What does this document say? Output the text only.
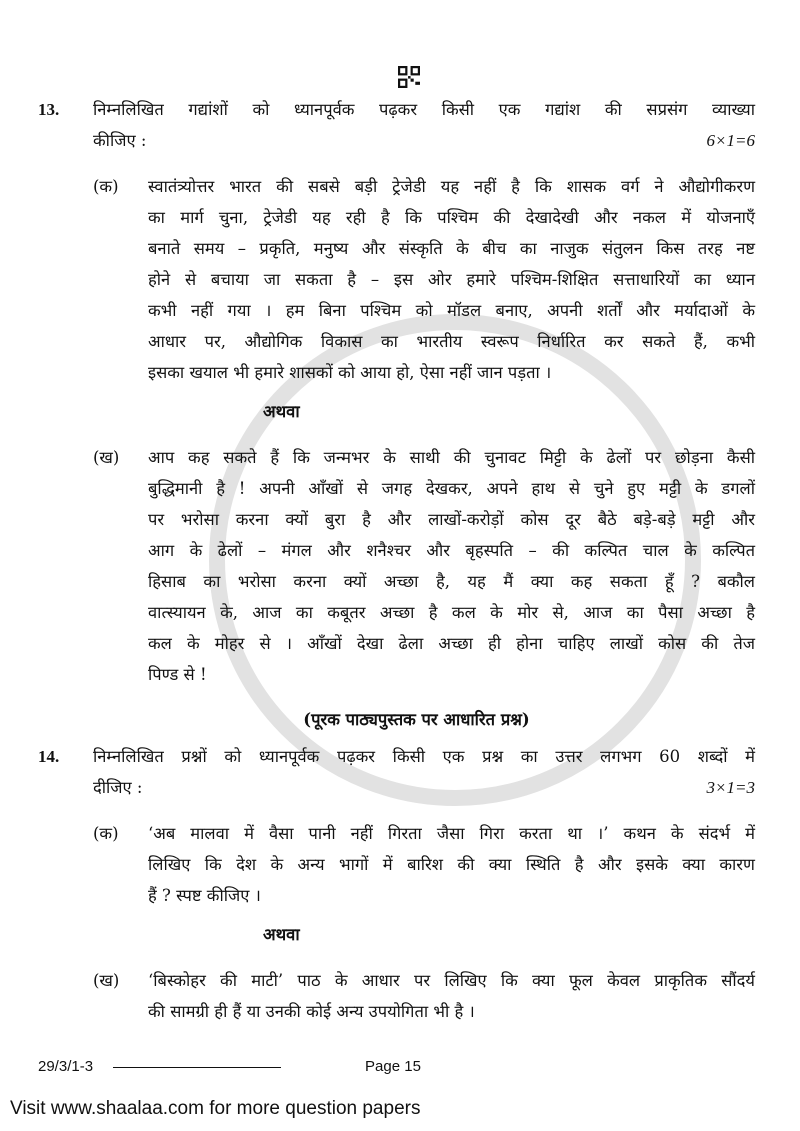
13.	निम्नलिखित गद्यांशों को ध्यानपूर्वक पढ़कर किसी एक गद्यांश की सप्रसंग व्याख्या
कीजिए :	6×1=6
(क)	स्वातंत्र्योत्तर भारत की सबसे बड़ी ट्रेजेडी यह नहीं है कि शासक वर्ग ने औद्योगीकरण
का मार्ग चुना, ट्रेजेडी यह रही है कि पश्चिम की देखादेखी और नकल में योजनाएँ
बनाते समय – प्रकृति, मनुष्य और संस्कृति के बीच का नाजुक संतुलन किस तरह नष्ट
होने से बचाया जा सकता है – इस ओर हमारे पश्चिम-शिक्षित सत्ताधारियों का ध्यान
कभी नहीं गया । हम बिना पश्चिम को मॉडल बनाए, अपनी शर्तों और मर्यादाओं के
आधार पर, औद्योगिक विकास का भारतीय स्वरूप निर्धारित कर सकते हैं, कभी
इसका खयाल भी हमारे शासकों को आया हो, ऐसा नहीं जान पड़ता ।
अथवा
(ख)	आप कह सकते हैं कि जन्मभर के साथी की चुनावट मिट्टी के ढेलों पर छोड़ना कैसी
बुद्धिमानी है ! अपनी आँखों से जगह देखकर, अपने हाथ से चुने हुए मट्टी के डगलों
पर भरोसा करना क्यों बुरा है और लाखों-करोड़ों कोस दूर बैठे बड़े-बड़े मट्टी और
आग के ढेलों – मंगल और शनैश्चर और बृहस्पति – की कल्पित चाल के कल्पित
हिसाब का भरोसा करना क्यों अच्छा है, यह मैं क्या कह सकता हूँ ? बकौल
वात्स्यायन के, आज का कबूतर अच्छा है कल के मोर से, आज का पैसा अच्छा है
कल के मोहर से । आँखों देखा ढेला अच्छा ही होना चाहिए लाखों कोस की तेज
पिण्ड से !
(पूरक पाठ्यपुस्तक पर आधारित प्रश्न)
14.	निम्नलिखित प्रश्नों को ध्यानपूर्वक पढ़कर किसी एक प्रश्न का उत्तर लगभग 60 शब्दों में
दीजिए :	3×1=3
(क)	‘अब मालवा में वैसा पानी नहीं गिरता जैसा गिरा करता था ।’ कथन के संदर्भ में
लिखिए कि देश के अन्य भागों में बारिश की क्या स्थिति है और इसके क्या कारण
हैं ? स्पष्ट कीजिए ।
अथवा
(ख)	‘बिस्कोहर की माटी’ पाठ के आधार पर लिखिए कि क्या फूल केवल प्राकृतिक सौंदर्य
की सामग्री ही हैं या उनकी कोई अन्य उपयोगिता भी है ।
29/3/1-3	Page 15
Visit www.shaalaa.com for more question papers
